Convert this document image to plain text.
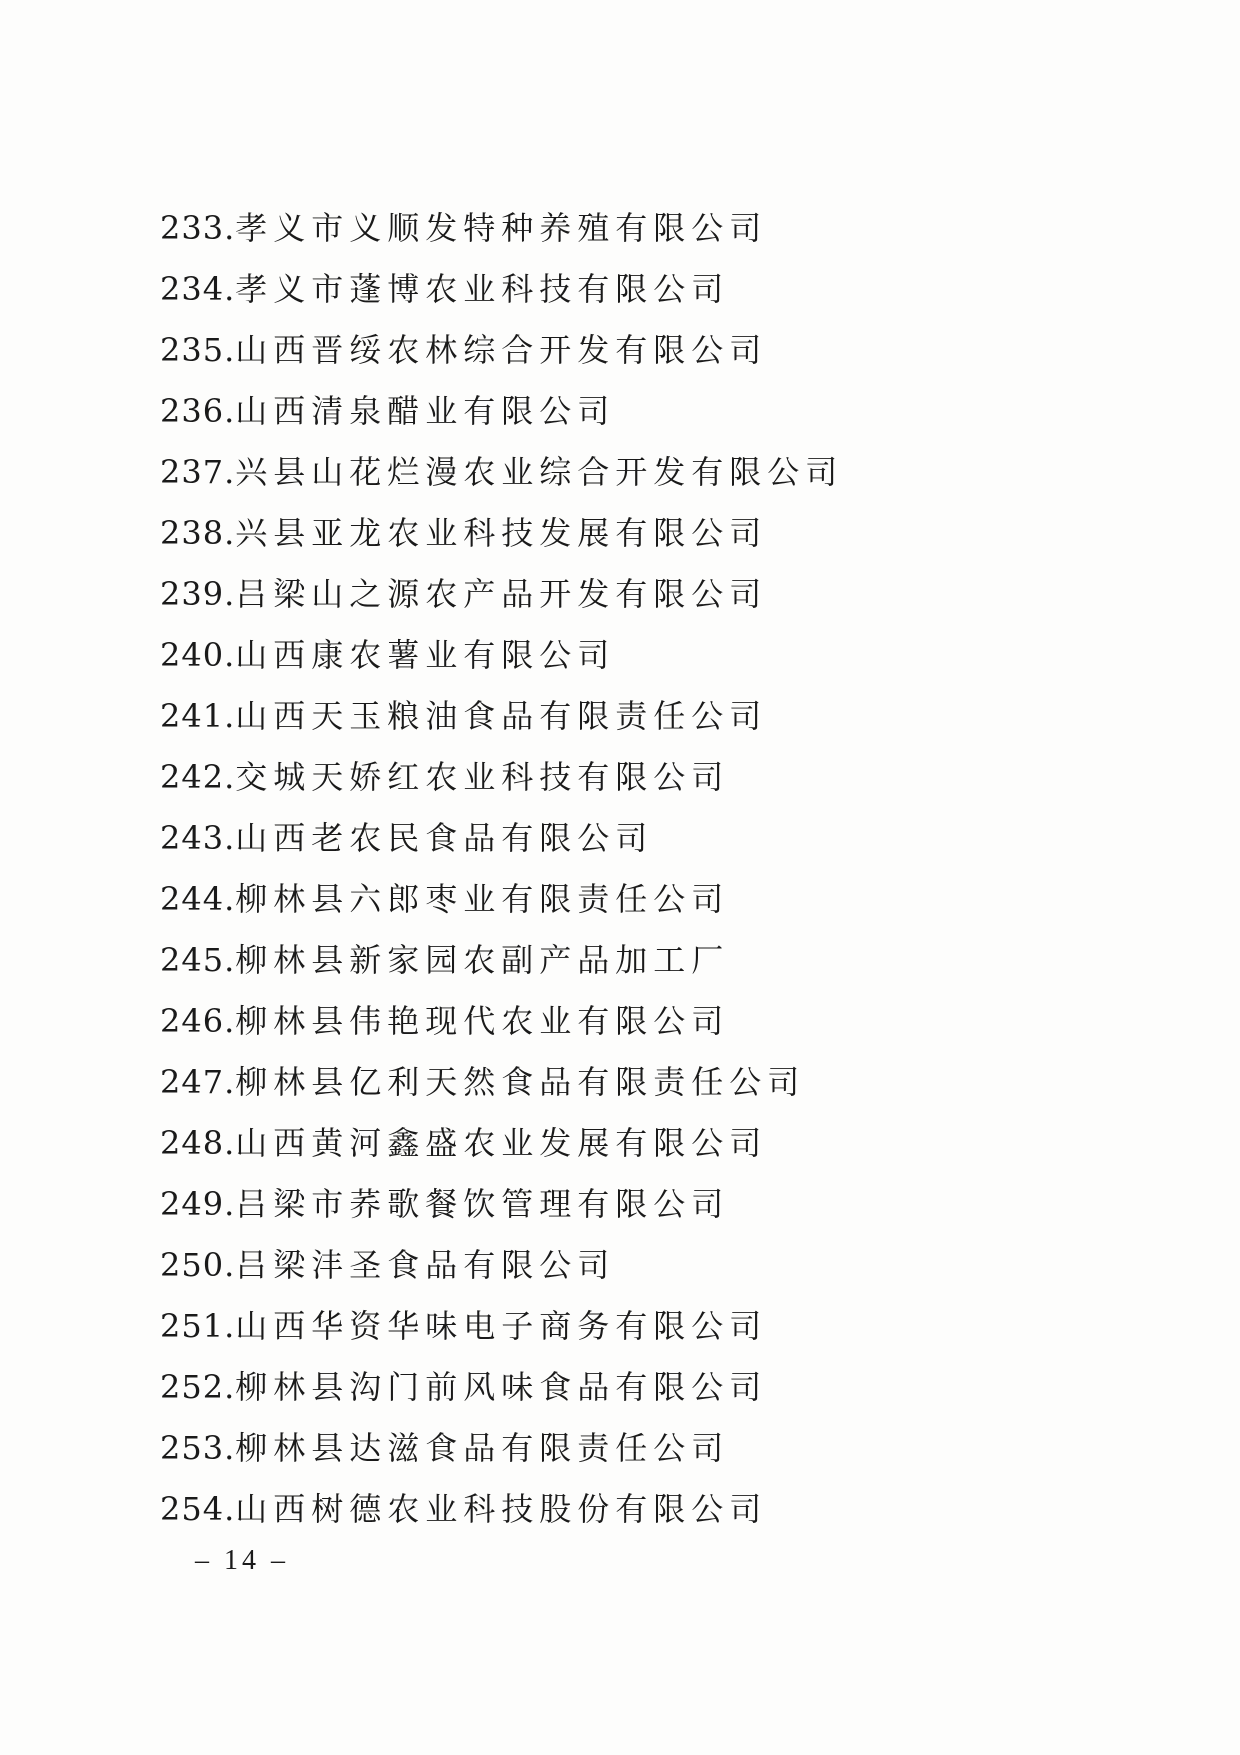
233.孝义市义顺发特种养殖有限公司
234.孝义市蓬博农业科技有限公司
235.山西晋绥农林综合开发有限公司
236.山西清泉醋业有限公司
237.兴县山花烂漫农业综合开发有限公司
238.兴县亚龙农业科技发展有限公司
239.吕梁山之源农产品开发有限公司
240.山西康农薯业有限公司
241.山西天玉粮油食品有限责任公司
242.交城天娇红农业科技有限公司
243.山西老农民食品有限公司
244.柳林县六郎枣业有限责任公司
245.柳林县新家园农副产品加工厂
246.柳林县伟艳现代农业有限公司
247.柳林县亿利天然食品有限责任公司
248.山西黄河鑫盛农业发展有限公司
249.吕梁市荞歌餐饮管理有限公司
250.吕梁沣圣食品有限公司
251.山西华资华味电子商务有限公司
252.柳林县沟门前风味食品有限公司
253.柳林县达滋食品有限责任公司
254.山西树德农业科技股份有限公司
– 14 –
